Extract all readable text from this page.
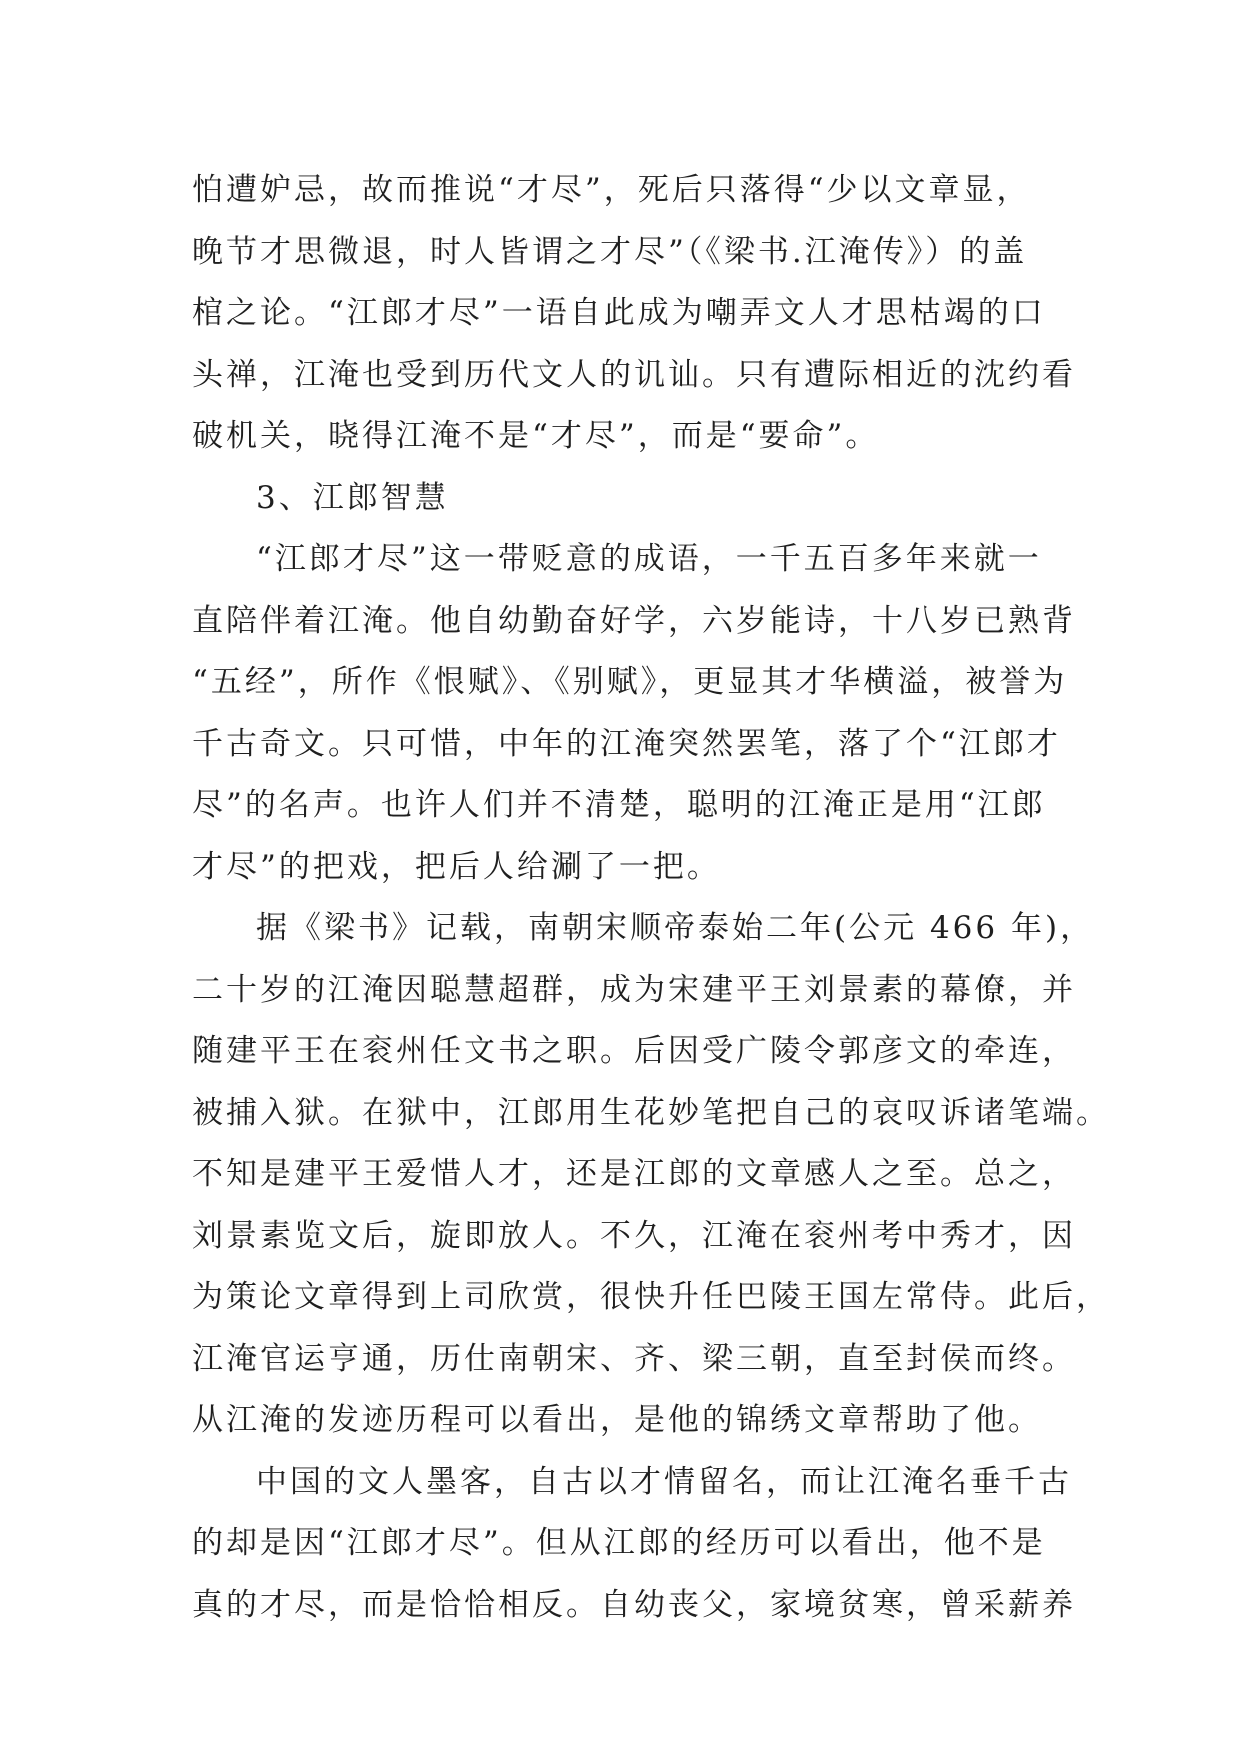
怕遭妒忌，故而推说“才尽”，死后只落得“少以文章显，
晚节才思微退，时人皆谓之才尽”（《梁书.江淹传》）的盖
棺之论。“江郎才尽”一语自此成为嘲弄文人才思枯竭的口
头禅，江淹也受到历代文人的讥讪。只有遭际相近的沈约看
破机关，晓得江淹不是“才尽”，而是“要命”。
3、江郎智慧
“江郎才尽”这一带贬意的成语，一千五百多年来就一
直陪伴着江淹。他自幼勤奋好学，六岁能诗，十八岁已熟背
“五经”，所作《恨赋》、《别赋》，更显其才华横溢，被誉为
千古奇文。只可惜，中年的江淹突然罢笔，落了个“江郎才
尽”的名声。也许人们并不清楚，聪明的江淹正是用“江郎
才尽”的把戏，把后人给涮了一把。
据《梁书》记载，南朝宋顺帝泰始二年(公元 466 年)，
二十岁的江淹因聪慧超群，成为宋建平王刘景素的幕僚，并
随建平王在衮州任文书之职。后因受广陵令郭彦文的牵连，
被捕入狱。在狱中，江郎用生花妙笔把自己的哀叹诉诸笔端。
不知是建平王爱惜人才，还是江郎的文章感人之至。总之，
刘景素览文后，旋即放人。不久，江淹在衮州考中秀才，因
为策论文章得到上司欣赏，很快升任巴陵王国左常侍。此后，
江淹官运亨通，历仕南朝宋、齐、梁三朝，直至封侯而终。
从江淹的发迹历程可以看出，是他的锦绣文章帮助了他。
中国的文人墨客，自古以才情留名，而让江淹名垂千古
的却是因“江郎才尽”。但从江郎的经历可以看出，他不是
真的才尽，而是恰恰相反。自幼丧父，家境贫寒，曾采薪养
